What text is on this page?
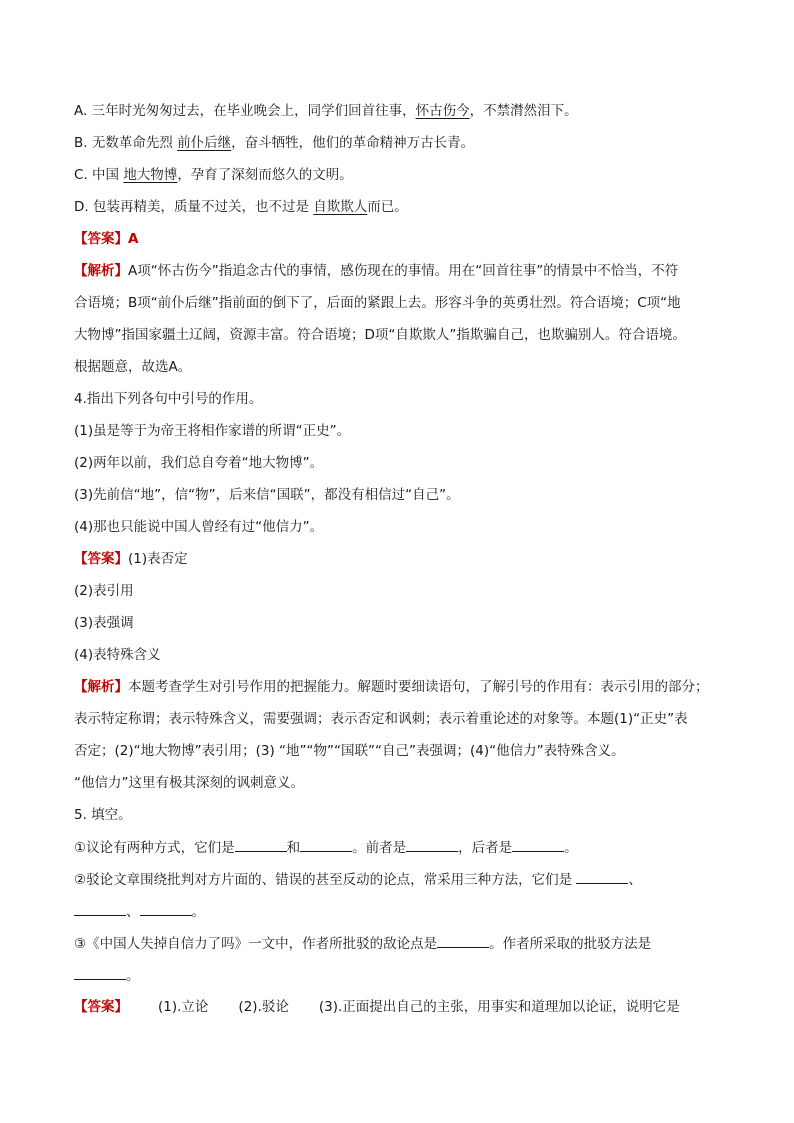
A. 三年时光匆匆过去，在毕业晚会上，同学们回首往事，怀古伤今，不禁潸然泪下。
B. 无数革命先烈 前仆后继，奋斗牺牲，他们的革命精神万古长青。
C. 中国 地大物博，孕育了深刻而悠久的文明。
D. 包装再精美，质量不过关，也不过是 自欺欺人而已。
【答案】A
【解析】A项“怀古伤今”指追念古代的事情，感伤现在的事情。用在“回首往事”的情景中不恰当，不符
合语境；B项“前仆后继”指前面的倒下了，后面的紧跟上去。形容斗争的英勇壮烈。符合语境；C项“地
大物博”指国家疆土辽阔，资源丰富。符合语境；D项“自欺欺人”指欺骗自己，也欺骗别人。符合语境。
根据题意，故选A。
4.指出下列各句中引号的作用。
(1)虽是等于为帝王将相作家谱的所谓“正史”。
(2)两年以前，我们总自夸着“地大物博”。
(3)先前信“地”，信“物”，后来信“国联”，都没有相信过“自己”。
(4)那也只能说中国人曾经有过“他信力”。
【答案】(1)表否定
(2)表引用
(3)表强调
(4)表特殊含义
【解析】本题考查学生对引号作用的把握能力。解题时要细读语句，了解引号的作用有：表示引用的部分；
表示特定称谓；表示特殊含义，需要强调；表示否定和讽刺；表示着重论述的对象等。本题(1)“正史”表
否定；(2)“地大物博”表引用；(3) “地”“物”“国联”“自己”表强调；(4)“他信力”表特殊含义。
“他信力”这里有极其深刻的讽刺意义。
5. 填空。
①议论有两种方式，它们是	和	。前者是	，后者是	。
②驳论文章围绕批判对方片面的、错误的甚至反动的论点，常采用三种方法，它们是	、
、	。
③《中国人失掉自信力了吗》一文中，作者所批驳的敌论点是	。作者所采取的批驳方法是
。
【答案】 (1).立论 (2).驳论 (3).正面提出自己的主张，用事实和道理加以论证，说明它是
